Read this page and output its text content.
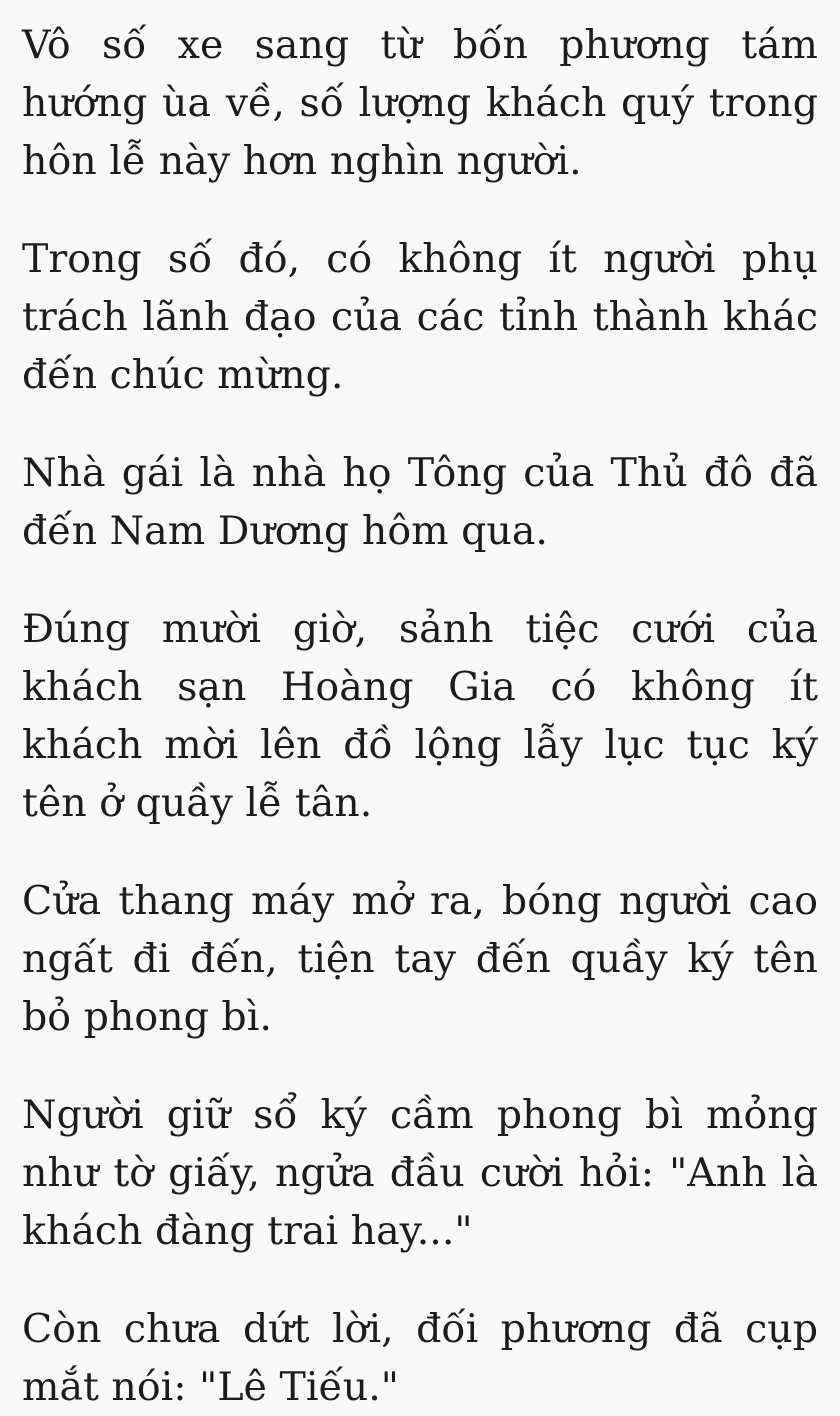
Vô số xe sang từ bốn phương tám hướng ùa về, số lượng khách quý trong hôn lễ này hơn nghìn người.

Trong số đó, có không ít người phụ trách lãnh đạo của các tỉnh thành khác đến chúc mừng.

Nhà gái là nhà họ Tông của Thủ đô đã đến Nam Dương hôm qua.

Đúng mười giờ, sảnh tiệc cưới của khách sạn Hoàng Gia có không ít khách mời lên đồ lộng lẫy lục tục ký tên ở quầy lễ tân.

Cửa thang máy mở ra, bóng người cao ngất đi đến, tiện tay đến quầy ký tên bỏ phong bì.

Người giữ sổ ký cầm phong bì mỏng như tờ giấy, ngửa đầu cười hỏi: "Anh là khách đàng trai hay..."

Còn chưa dứt lời, đối phương đã cụp mắt nói: "Lê Tiếu."
